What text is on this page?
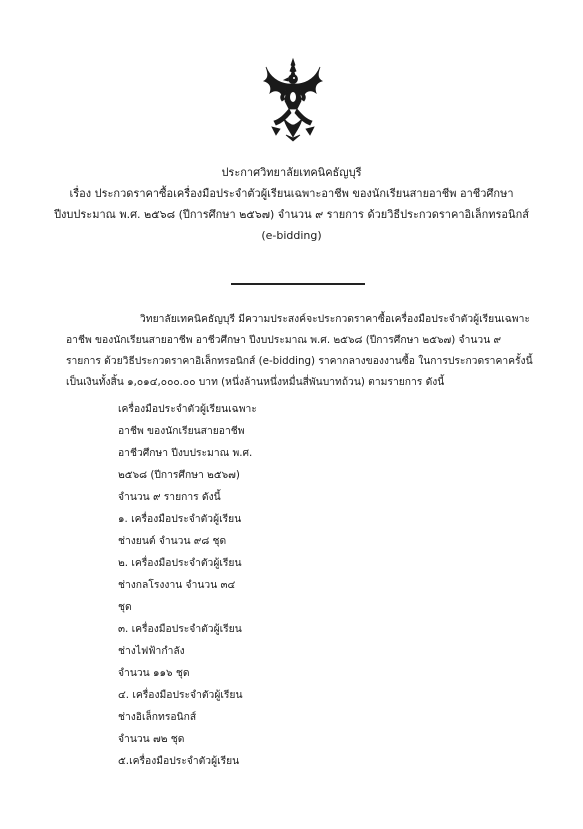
ประกาศวิทยาลัยเทคนิคธัญบุรี
เรื่อง ประกวดราคาซื้อเครื่องมือประจำตัวผู้เรียนเฉพาะอาชีพ ของนักเรียนสายอาชีพ อาชีวศึกษา
ปีงบประมาณ พ.ศ. ๒๕๖๘ (ปีการศึกษา ๒๕๖๗) จำนวน ๙ รายการ ด้วยวิธีประกวดราคาอิเล็กทรอนิกส์
(e-bidding)
วิทยาลัยเทคนิคธัญบุรี มีความประสงค์จะประกวดราคาซื้อเครื่องมือประจำตัวผู้เรียนเฉพาะ
อาชีพ ของนักเรียนสายอาชีพ อาชีวศึกษา ปีงบประมาณ พ.ศ. ๒๕๖๘ (ปีการศึกษา ๒๕๖๗) จำนวน ๙
รายการ ด้วยวิธีประกวดราคาอิเล็กทรอนิกส์ (e-bidding) ราคากลางของงานซื้อ ในการประกวดราคาครั้งนี้
เป็นเงินทั้งสิ้น ๑,๐๑๔,๐๐๐.๐๐ บาท (หนึ่งล้านหนึ่งหมื่นสี่พันบาทถ้วน) ตามรายการ ดังนี้
เครื่องมือประจำตัวผู้เรียนเฉพาะ
อาชีพ ของนักเรียนสายอาชีพ
อาชีวศึกษา ปีงบประมาณ พ.ศ.
๒๕๖๘ (ปีการศึกษา ๒๕๖๗)
จำนวน ๙ รายการ ดังนี้
๑. เครื่องมือประจำตัวผู้เรียน
ช่างยนต์ จำนวน ๙๘ ชุด
๒. เครื่องมือประจำตัวผู้เรียน
ช่างกลโรงงาน จำนวน ๓๔
ชุด
๓. เครื่องมือประจำตัวผู้เรียน
ช่างไฟฟ้ากำลัง
จำนวน ๑๑๖ ชุด
๔. เครื่องมือประจำตัวผู้เรียน
ช่างอิเล็กทรอนิกส์
จำนวน ๗๒ ชุด
๕.เครื่องมือประจำตัวผู้เรียน
